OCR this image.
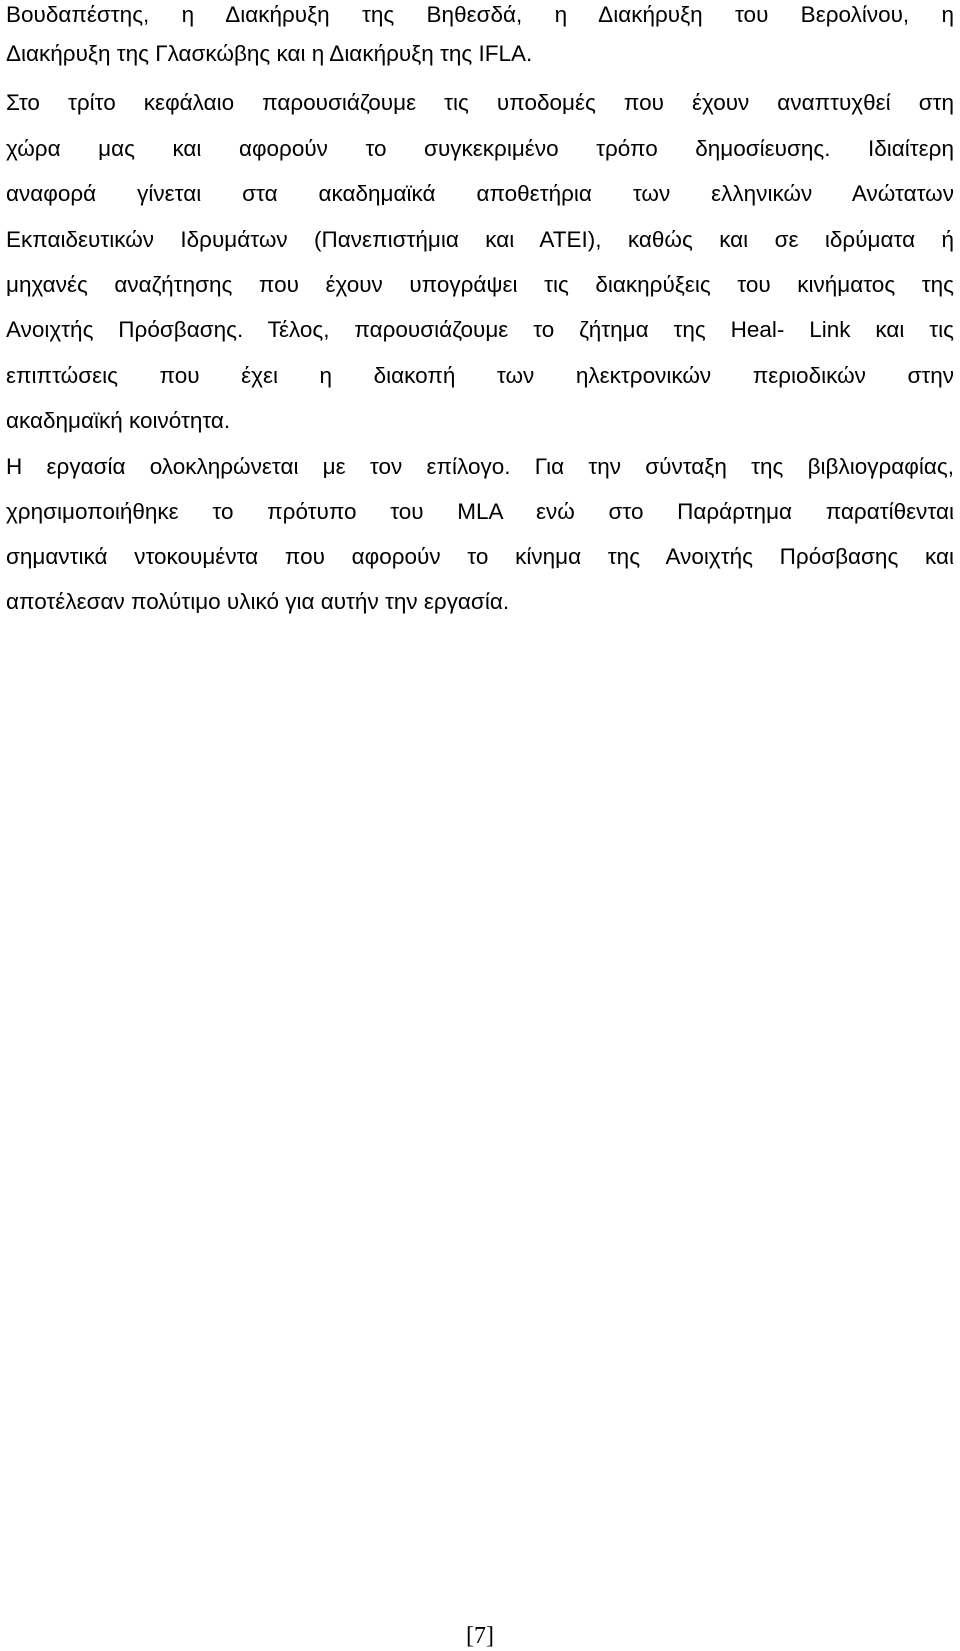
Βουδαπέστης, η Διακήρυξη της Βηθεσδά, η Διακήρυξη του Βερολίνου, η
Διακήρυξη της Γλασκώβης και η Διακήρυξη της IFLA.
Στο τρίτο κεφάλαιο παρουσιάζουμε τις υποδομές που έχουν αναπτυχθεί στη
χώρα μας και αφορούν το συγκεκριμένο τρόπο δημοσίευσης. Ιδιαίτερη
αναφορά γίνεται στα ακαδημαϊκά αποθετήρια των ελληνικών Ανώτατων
Εκπαιδευτικών Ιδρυμάτων (Πανεπιστήμια και ΑΤΕΙ), καθώς και σε ιδρύματα ή
μηχανές αναζήτησης που έχουν υπογράψει τις διακηρύξεις του κινήματος της
Ανοιχτής Πρόσβασης. Τέλος, παρουσιάζουμε το ζήτημα της Heal- Link και τις
επιπτώσεις που έχει η διακοπή των ηλεκτρονικών περιοδικών στην
ακαδημαϊκή κοινότητα.
Η εργασία ολοκληρώνεται με τον επίλογο. Για την σύνταξη της βιβλιογραφίας,
χρησιμοποιήθηκε το πρότυπο του MLA ενώ στο Παράρτημα παρατίθενται
σημαντικά ντοκουμέντα που αφορούν το κίνημα της Ανοιχτής Πρόσβασης και
αποτέλεσαν πολύτιμο υλικό για αυτήν την εργασία.
[7]
